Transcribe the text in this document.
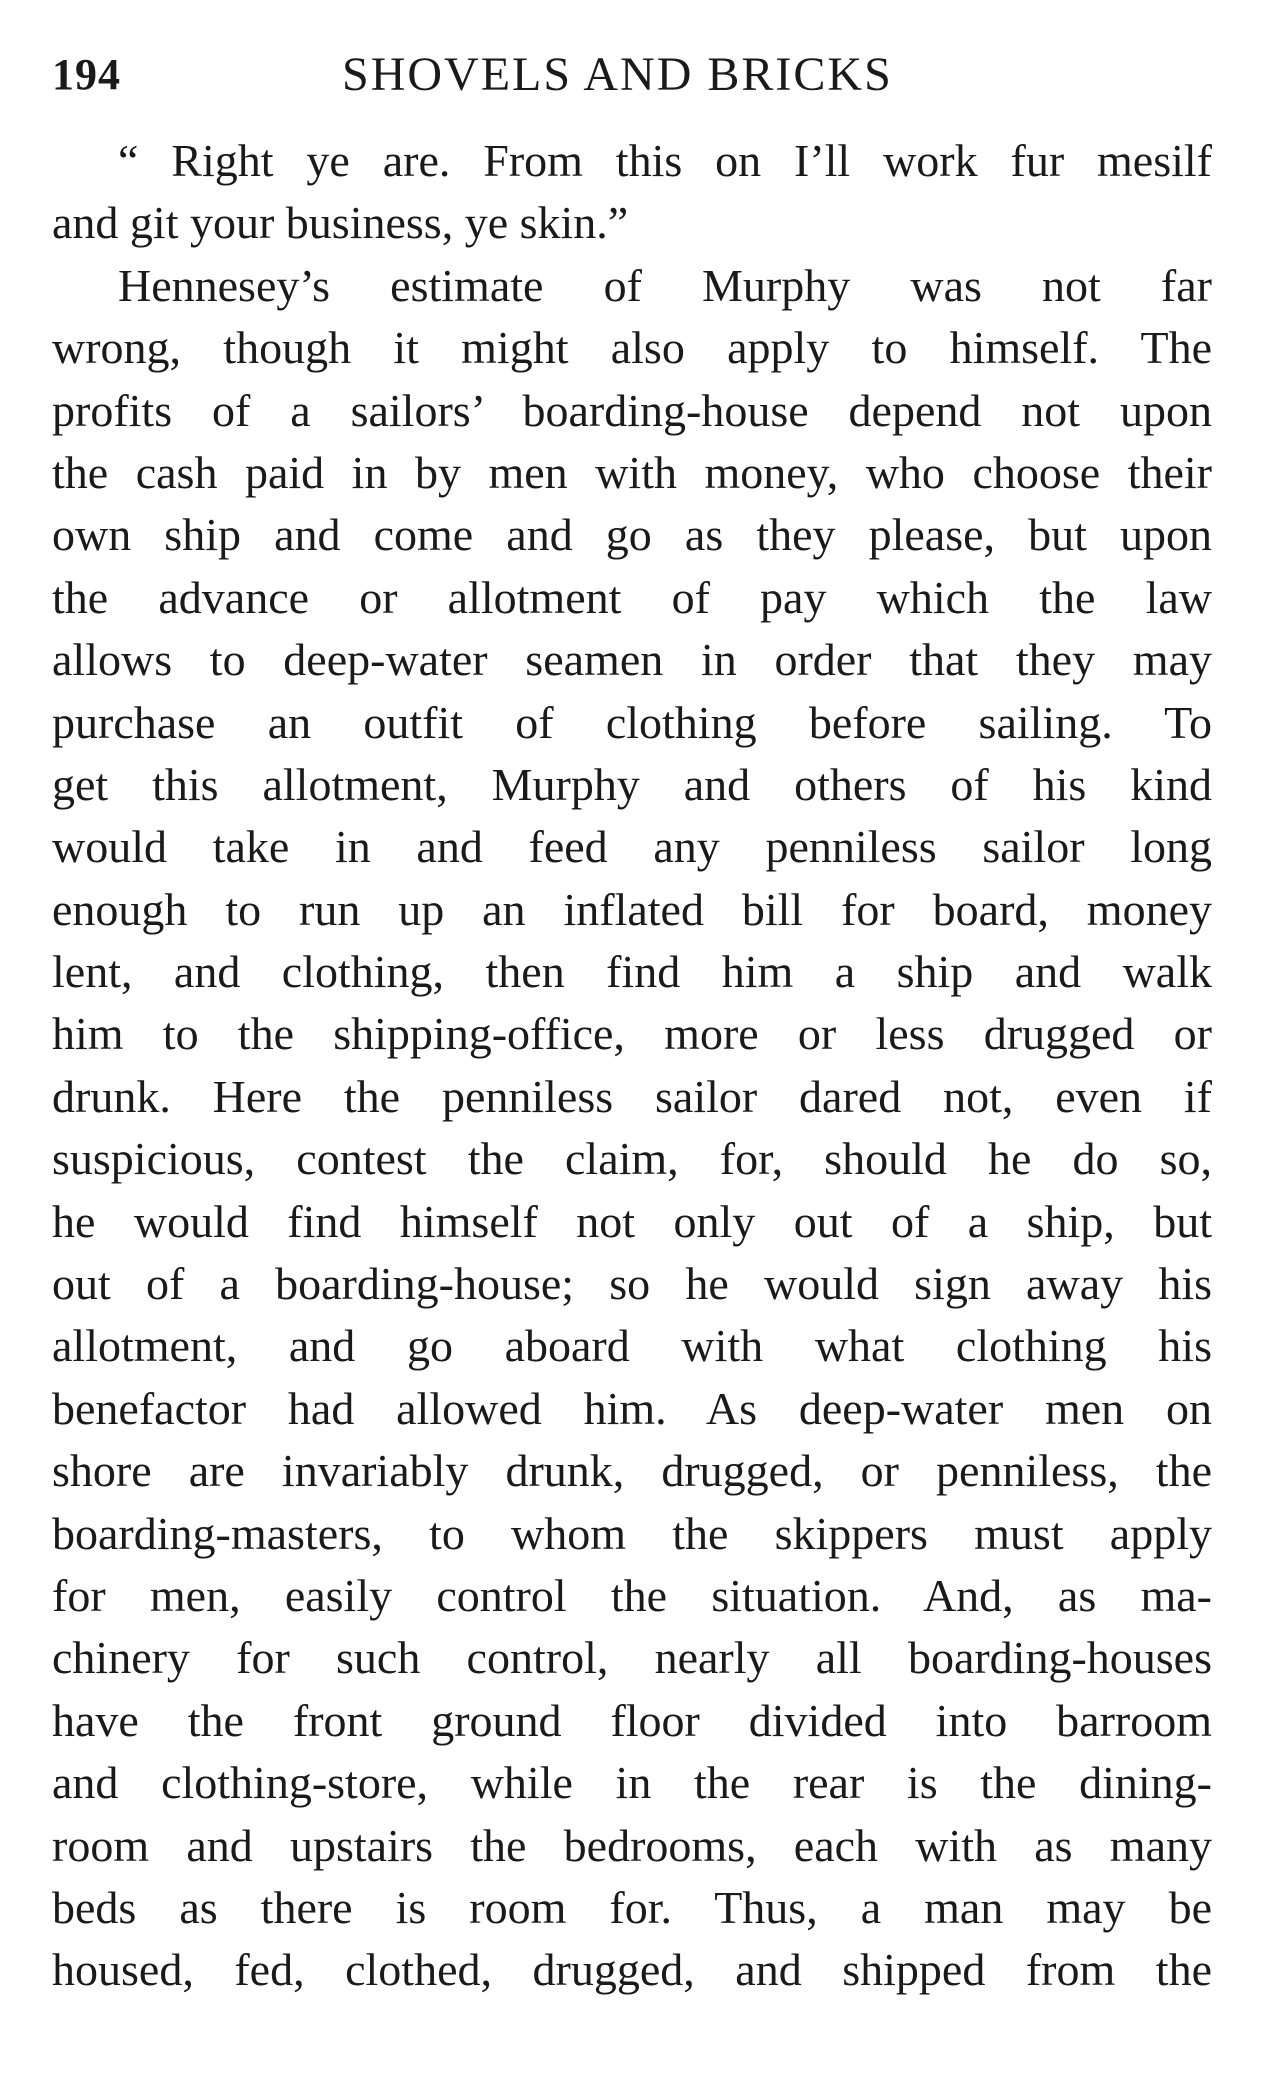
194	SHOVELS AND BRICKS
“ Right ye are. From this on I’ll work fur mesilf
and git your business, ye skin.”
Hennesey’s estimate of Murphy was not far
wrong, though it might also apply to himself. The
profits of a sailors’ boarding-house depend not upon
the cash paid in by men with money, who choose their
own ship and come and go as they please, but upon
the advance or allotment of pay which the law
allows to deep-water seamen in order that they may
purchase an outfit of clothing before sailing. To
get this allotment, Murphy and others of his kind
would take in and feed any penniless sailor long
enough to run up an inflated bill for board, money
lent, and clothing, then find him a ship and walk
him to the shipping-office, more or less drugged or
drunk. Here the penniless sailor dared not, even if
suspicious, contest the claim, for, should he do so,
he would find himself not only out of a ship, but
out of a boarding-house; so he would sign away his
allotment, and go aboard with what clothing his
benefactor had allowed him. As deep-water men on
shore are invariably drunk, drugged, or penniless, the
boarding-masters, to whom the skippers must apply
for men, easily control the situation. And, as ma-
chinery for such control, nearly all boarding-houses
have the front ground floor divided into barroom
and clothing-store, while in the rear is the dining-
room and upstairs the bedrooms, each with as many
beds as there is room for. Thus, a man may be
housed, fed, clothed, drugged, and shipped from the
